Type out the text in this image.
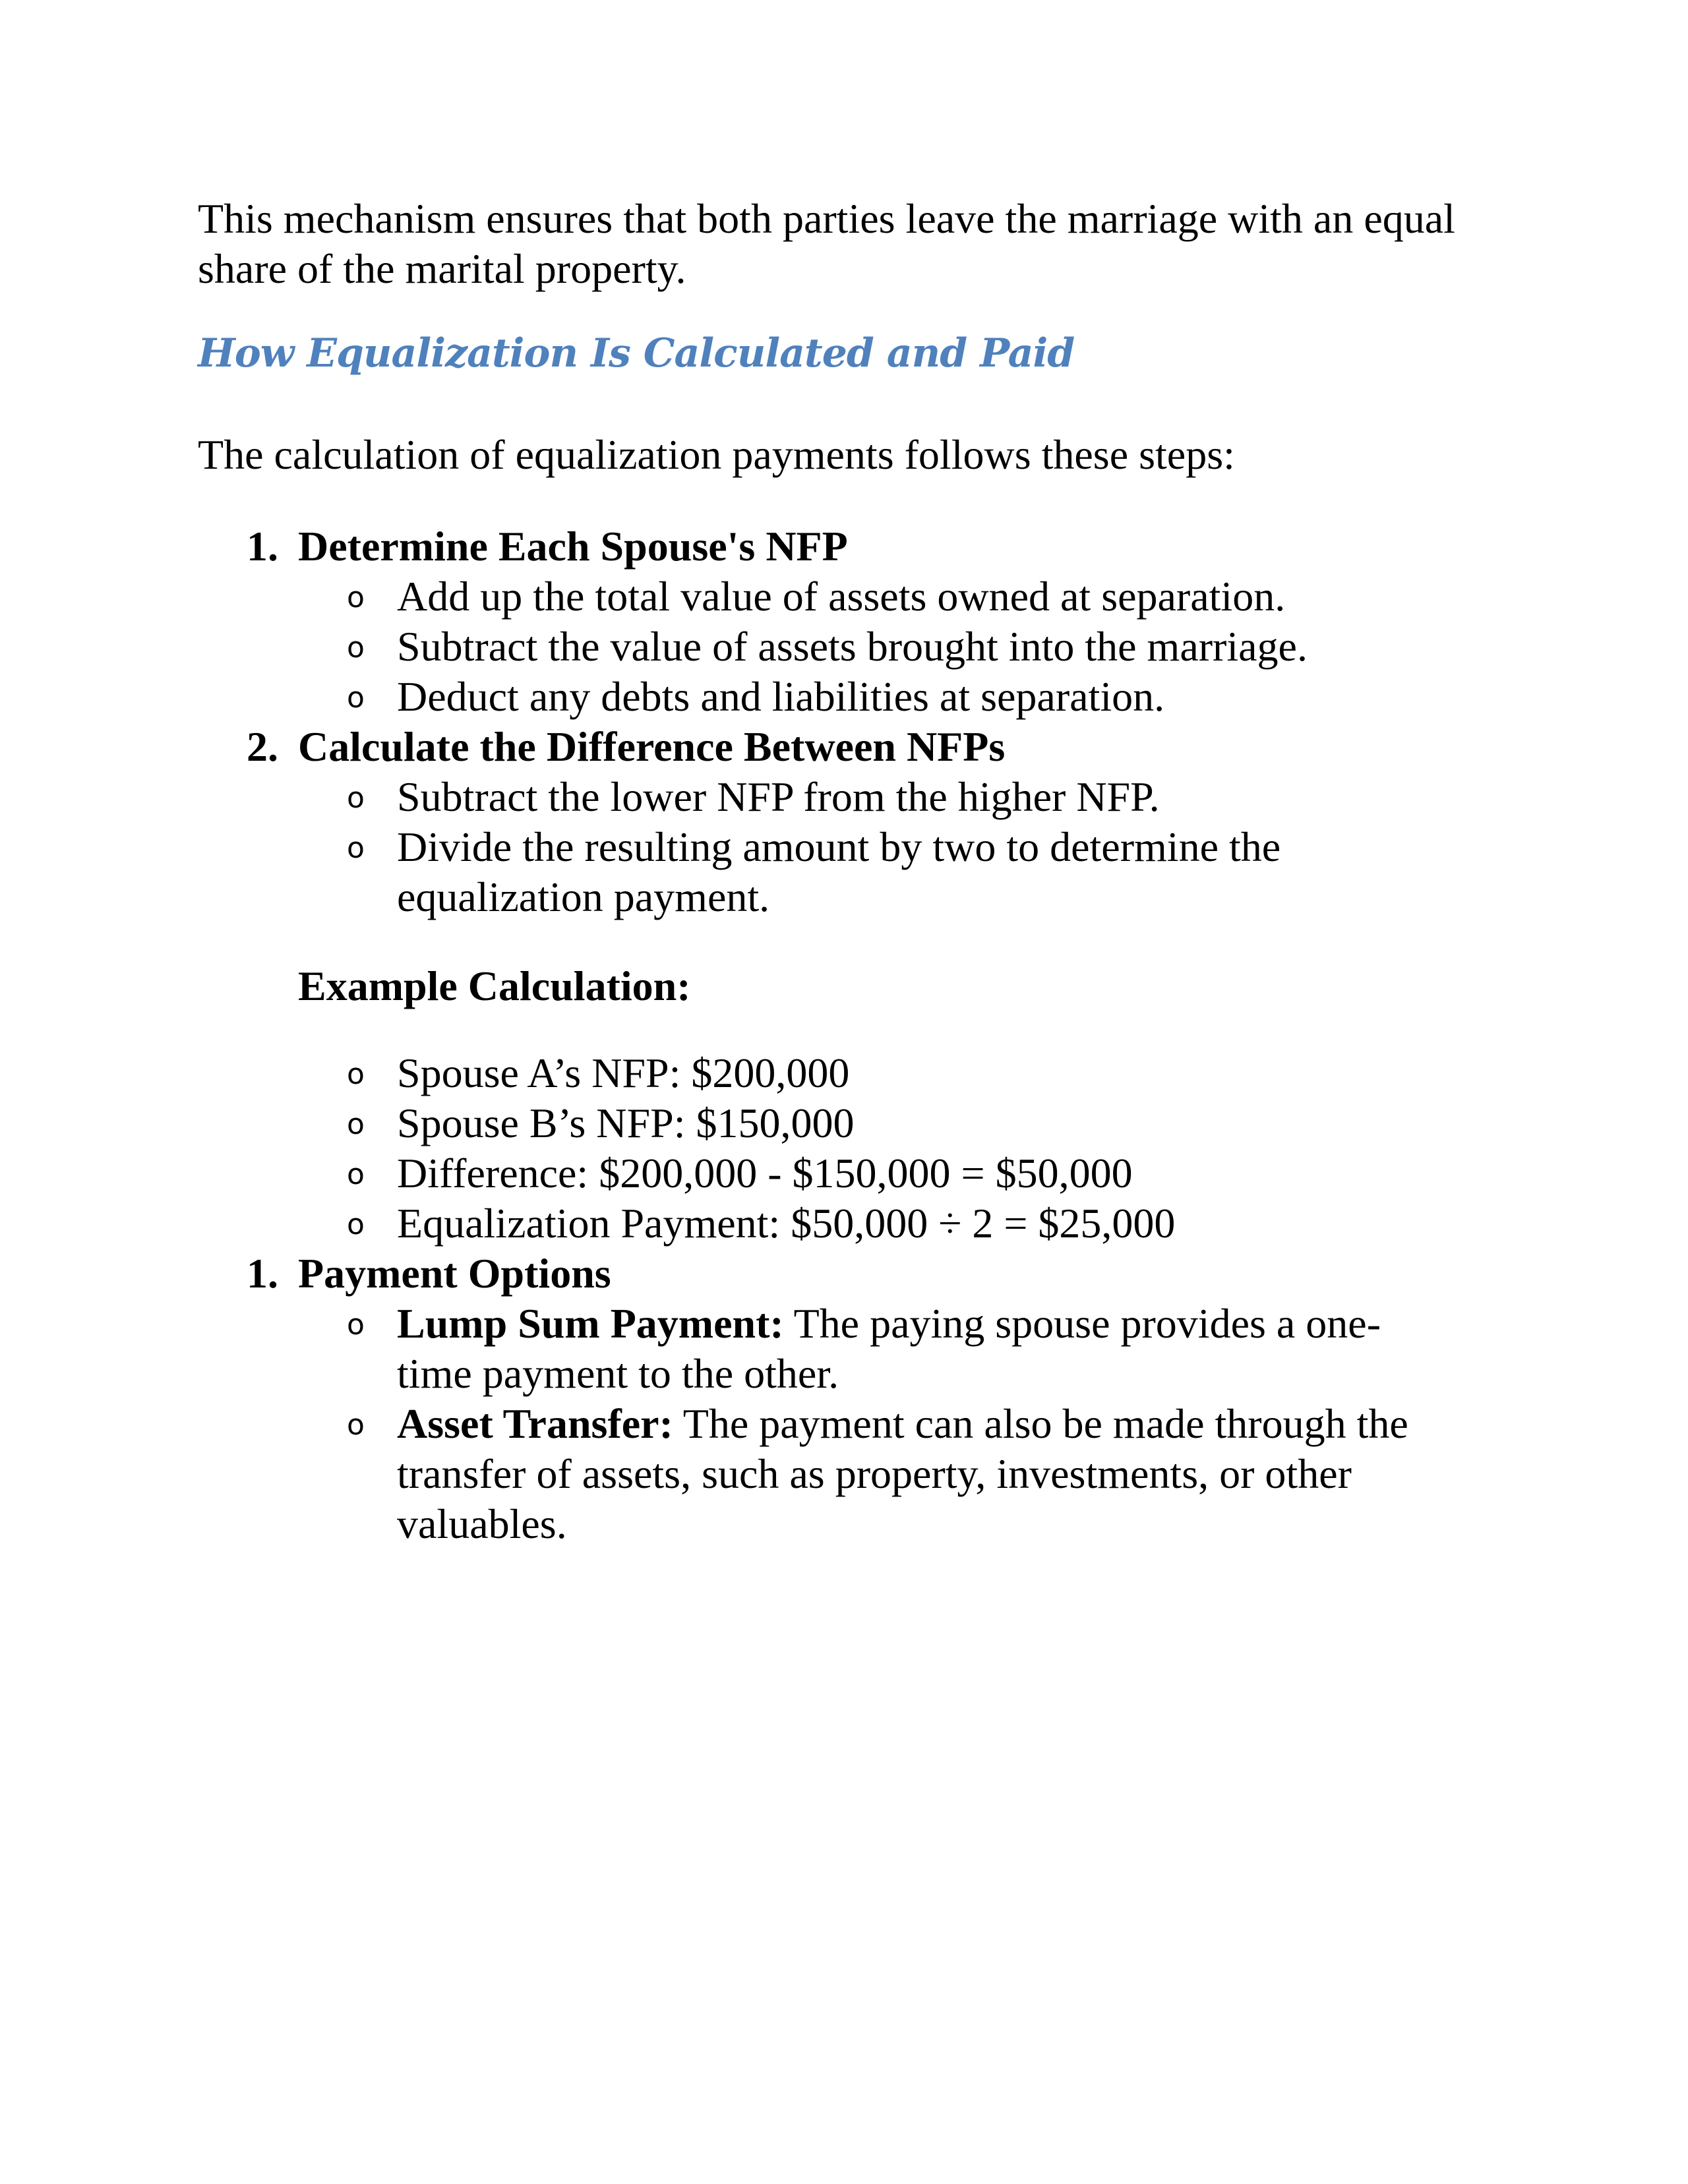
This mechanism ensures that both parties leave the marriage with an equal share of the marital property.

How Equalization Is Calculated and Paid

The calculation of equalization payments follows these steps:

1. Determine Each Spouse's NFP
o Add up the total value of assets owned at separation.
o Subtract the value of assets brought into the marriage.
o Deduct any debts and liabilities at separation.
2. Calculate the Difference Between NFPs
o Subtract the lower NFP from the higher NFP.
o Divide the resulting amount by two to determine the equalization payment.

Example Calculation:

o Spouse A’s NFP: $200,000
o Spouse B’s NFP: $150,000
o Difference: $200,000 - $150,000 = $50,000
o Equalization Payment: $50,000 ÷ 2 = $25,000
1. Payment Options
o Lump Sum Payment: The paying spouse provides a one-time payment to the other.
o Asset Transfer: The payment can also be made through the transfer of assets, such as property, investments, or other valuables.
